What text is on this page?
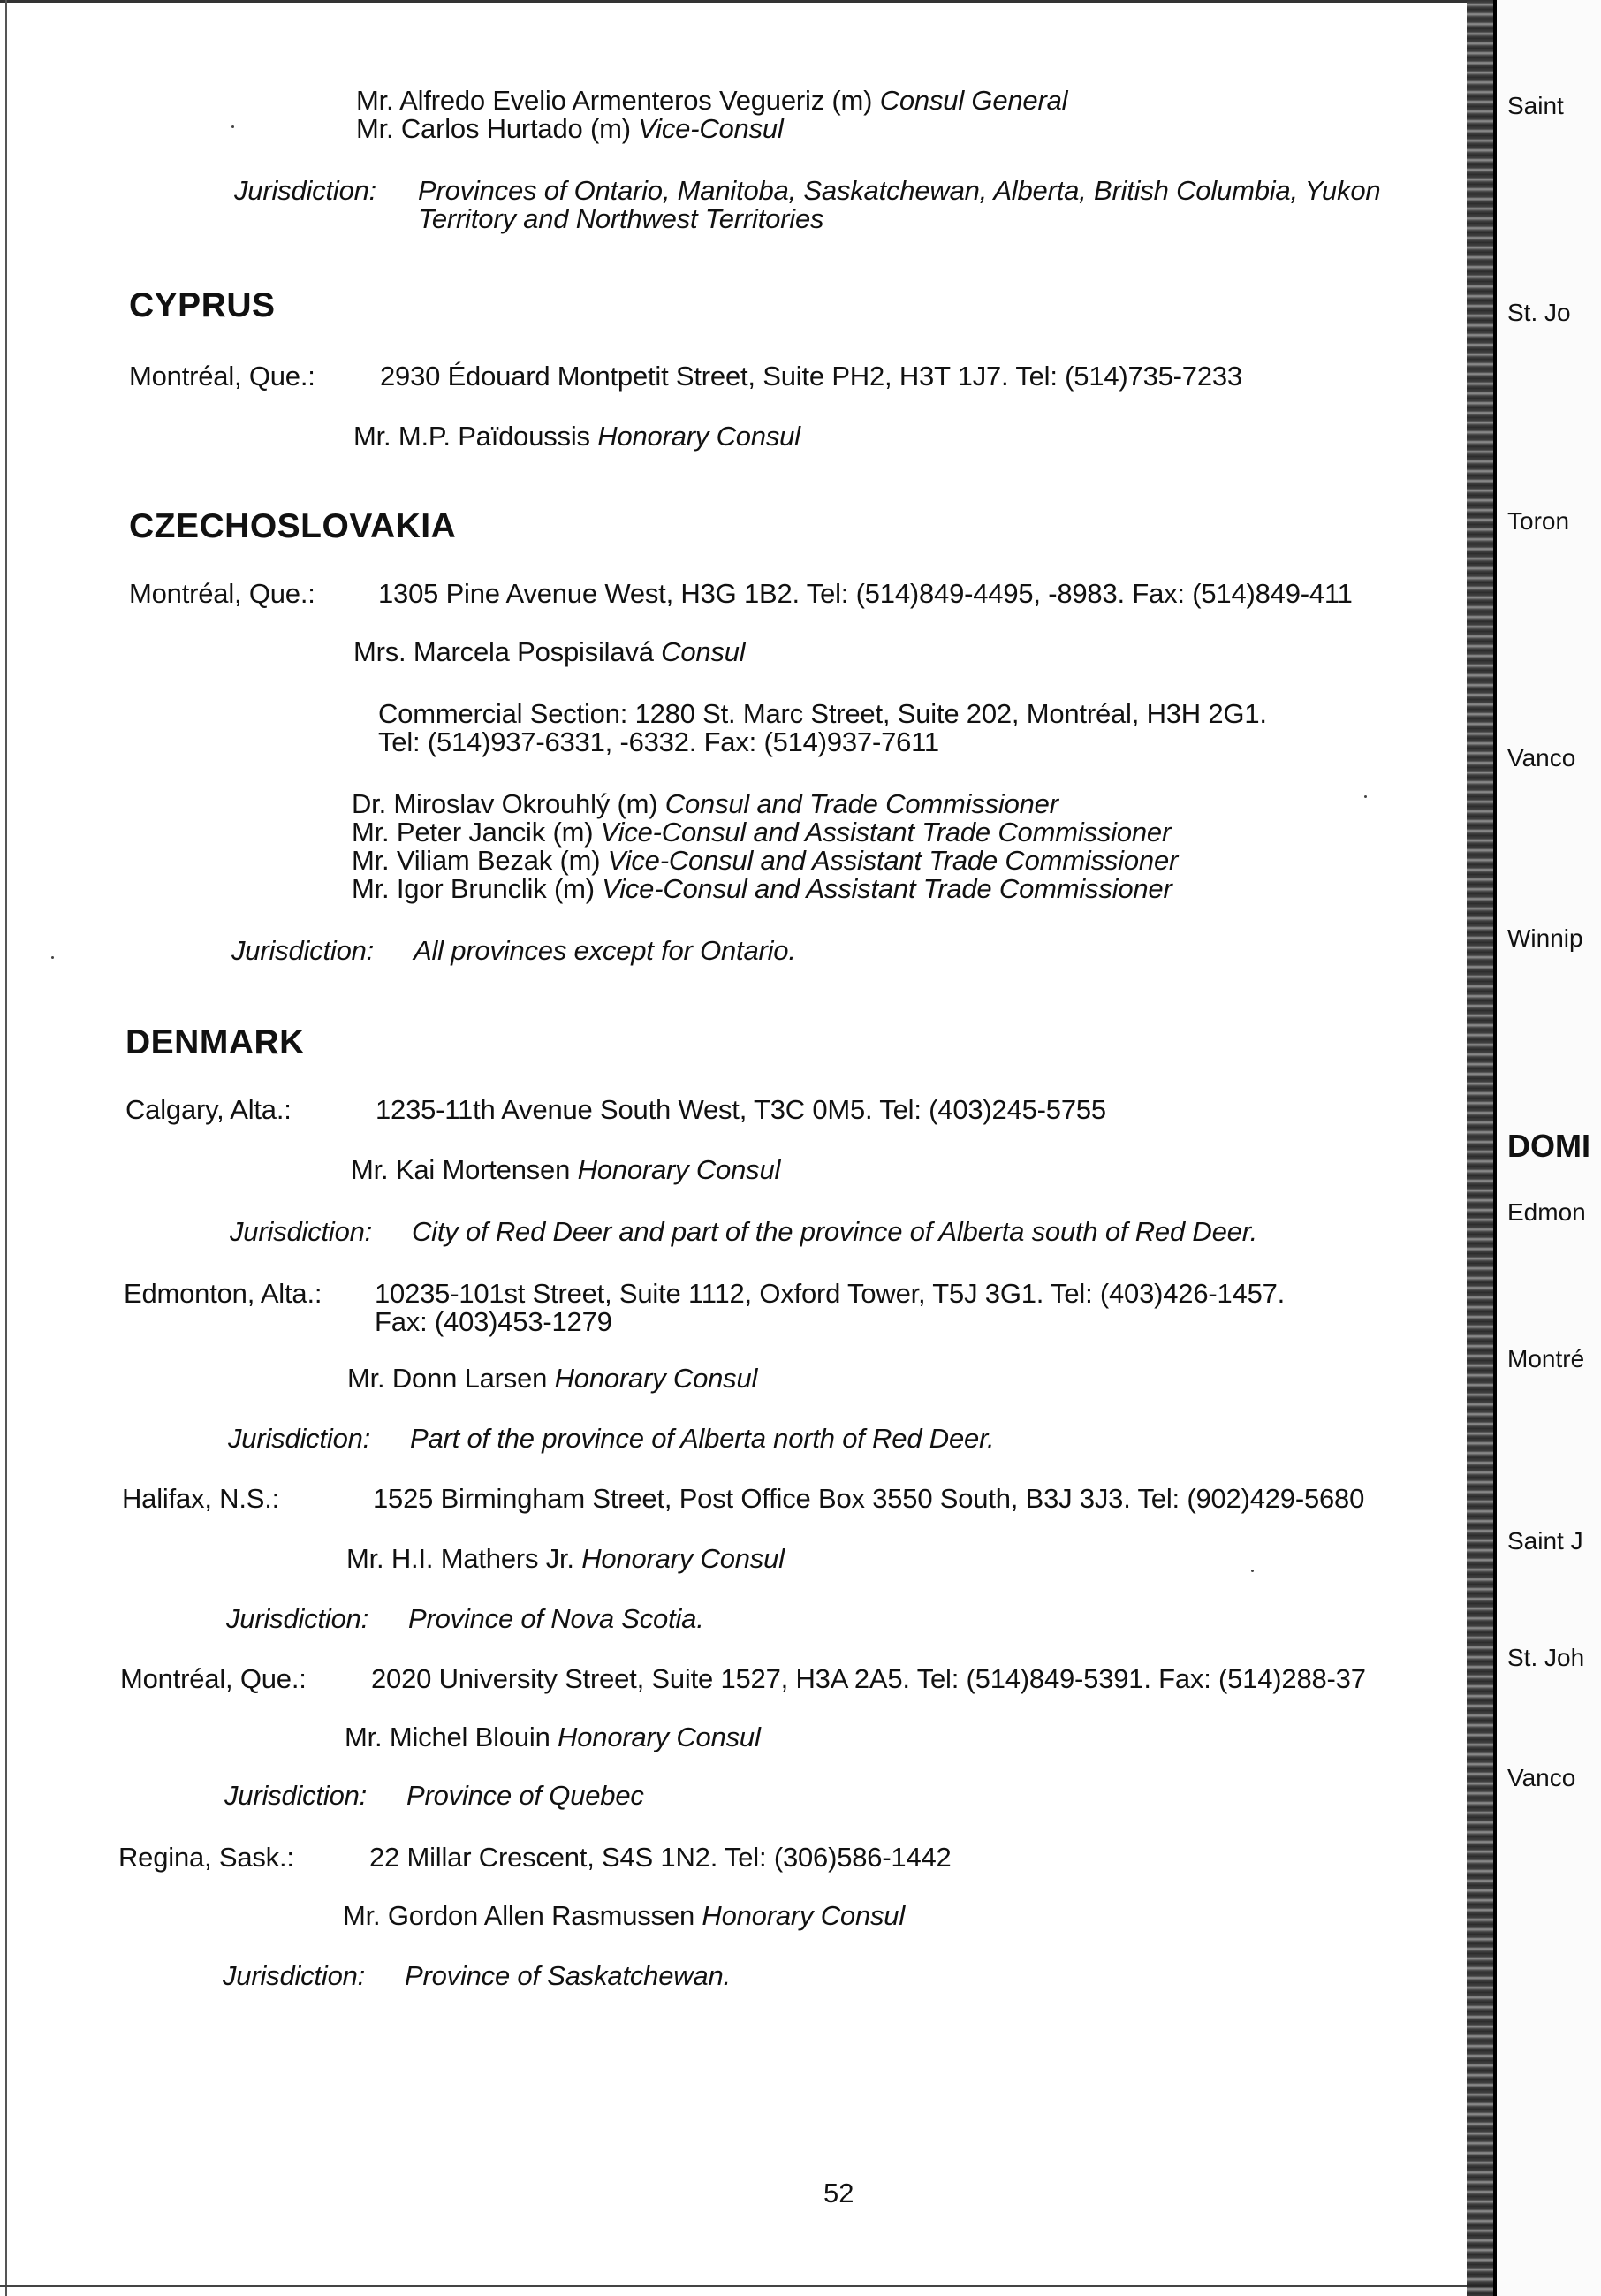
Mr. Alfredo Evelio Armenteros Vegueriz (m) Consul General
Mr. Carlos Hurtado (m) Vice-Consul
Jurisdiction: Provinces of Ontario, Manitoba, Saskatchewan, Alberta, British Columbia, Yukon
Territory and Northwest Territories
CYPRUS
Montréal, Que.: 2930 Édouard Montpetit Street, Suite PH2, H3T 1J7. Tel: (514)735-7233
Mr. M.P. Païdoussis Honorary Consul
CZECHOSLOVAKIA
Montréal, Que.: 1305 Pine Avenue West, H3G 1B2. Tel: (514)849-4495, -8983. Fax: (514)849-411
Mrs. Marcela Pospisilavá Consul
Commercial Section: 1280 St. Marc Street, Suite 202, Montréal, H3H 2G1.
Tel: (514)937-6331, -6332. Fax: (514)937-7611
Dr. Miroslav Okrouhlý (m) Consul and Trade Commissioner
Mr. Peter Jancik (m) Vice-Consul and Assistant Trade Commissioner
Mr. Viliam Bezak (m) Vice-Consul and Assistant Trade Commissioner
Mr. Igor Brunclik (m) Vice-Consul and Assistant Trade Commissioner
Jurisdiction: All provinces except for Ontario.
DENMARK
Calgary, Alta.:	1235-11th Avenue South West, T3C 0M5. Tel: (403)245-5755
Mr. Kai Mortensen Honorary Consul
Jurisdiction: City of Red Deer and part of the province of Alberta south of Red Deer.
Edmonton, Alta.: 10235-101st Street, Suite 1112, Oxford Tower, T5J 3G1. Tel: (403)426-1457.
Fax: (403)453-1279
Mr. Donn Larsen Honorary Consul
Jurisdiction: Part of the province of Alberta north of Red Deer.
Halifax, N.S.:	1525 Birmingham Street, Post Office Box 3550 South, B3J 3J3. Tel: (902)429-5680
Mr. H.I. Mathers Jr. Honorary Consul
Jurisdiction: Province of Nova Scotia.
Montréal, Que.: 2020 University Street, Suite 1527, H3A 2A5. Tel: (514)849-5391. Fax: (514)288-37
Mr. Michel Blouin Honorary Consul
Jurisdiction: Province of Quebec
Regina, Sask.:	22 Millar Crescent, S4S 1N2. Tel: (306)586-1442
Mr. Gordon Allen Rasmussen Honorary Consul
Jurisdiction: Province of Saskatchewan.
52
Saint
St. Jo
Toron
Vanco
Winnip
DOMI
Edmon
Montré
Saint J
St. Joh
Vanco
